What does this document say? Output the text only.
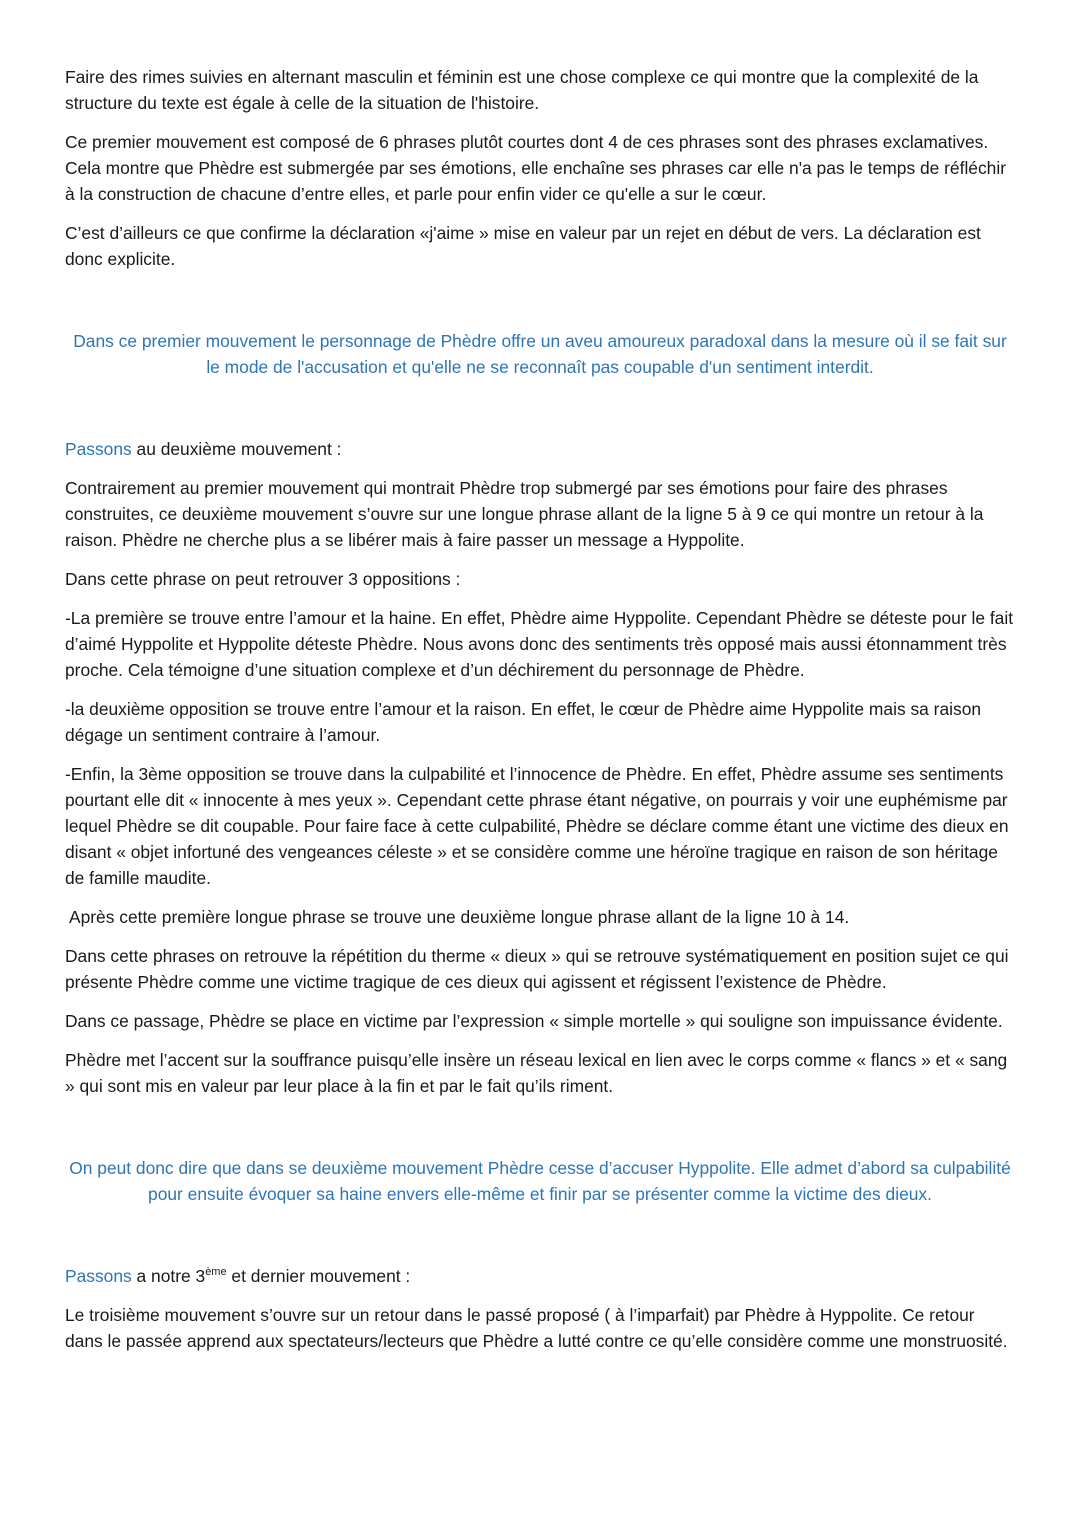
Faire des rimes suivies en alternant masculin et féminin est une chose complexe ce qui montre que la complexité de la structure du texte est égale à celle de la situation de l'histoire.

Ce premier mouvement est composé de 6 phrases plutôt courtes dont 4 de ces phrases sont des phrases exclamatives. Cela montre que Phèdre est submergée par ses émotions, elle enchaîne ses phrases car elle n'a pas le temps de réfléchir à la construction de chacune d’entre elles, et parle pour enfin vider ce qu'elle a sur le cœur.

C’est d’ailleurs ce que confirme la déclaration «j'aime » mise en valeur par un rejet en début de vers. La déclaration est donc explicite.

Dans ce premier mouvement le personnage de Phèdre offre un aveu amoureux paradoxal dans la mesure où il se fait sur le mode de l'accusation et qu'elle ne se reconnaît pas coupable d'un sentiment interdit.

Passons au deuxième mouvement :

Contrairement au premier mouvement qui montrait Phèdre trop submergé par ses émotions pour faire des phrases construites, ce deuxième mouvement s’ouvre sur une longue phrase allant de la ligne 5 à 9 ce qui montre un retour à la raison. Phèdre ne cherche plus a se libérer mais à faire passer un message a Hyppolite.

Dans cette phrase on peut retrouver 3 oppositions :

-La première se trouve entre l’amour et la haine. En effet, Phèdre aime Hyppolite. Cependant Phèdre se déteste pour le fait d’aimé Hyppolite et Hyppolite déteste Phèdre. Nous avons donc des sentiments très opposé mais aussi étonnamment très proche. Cela témoigne d’une situation complexe et d’un déchirement du personnage de Phèdre.

-la deuxième opposition se trouve entre l’amour et la raison. En effet, le cœur de Phèdre aime Hyppolite mais sa raison dégage un sentiment contraire à l’amour.

-Enfin, la 3ème opposition se trouve dans la culpabilité et l’innocence de Phèdre. En effet, Phèdre assume ses sentiments pourtant elle dit « innocente à mes yeux ». Cependant cette phrase étant négative, on pourrais y voir une euphémisme par lequel Phèdre se dit coupable. Pour faire face à cette culpabilité, Phèdre se déclare comme étant une victime des dieux en disant « objet infortuné des vengeances céleste » et se considère comme une héroïne tragique en raison de son héritage de famille maudite.

Après cette première longue phrase se trouve une deuxième longue phrase allant de la ligne 10 à 14.

Dans cette phrases on retrouve la répétition du therme « dieux » qui se retrouve systématiquement en position sujet ce qui présente Phèdre comme une victime tragique de ces dieux qui agissent et régissent l’existence de Phèdre.

Dans ce passage, Phèdre se place en victime par l’expression « simple mortelle » qui souligne son impuissance évidente.

Phèdre met l’accent sur la souffrance puisqu’elle insère un réseau lexical en lien avec le corps comme « flancs » et « sang » qui sont mis en valeur par leur place à la fin et par le fait qu’ils riment.

On peut donc dire que dans se deuxième mouvement Phèdre cesse d’accuser Hyppolite. Elle admet d’abord sa culpabilité pour ensuite évoquer sa haine envers elle-même et finir par se présenter comme la victime des dieux.

Passons a notre 3ème et dernier mouvement :

Le troisième mouvement s’ouvre sur un retour dans le passé proposé ( à l’imparfait) par Phèdre à Hyppolite. Ce retour dans le passée apprend aux spectateurs/lecteurs que Phèdre a lutté contre ce qu’elle considère comme une monstruosité.
